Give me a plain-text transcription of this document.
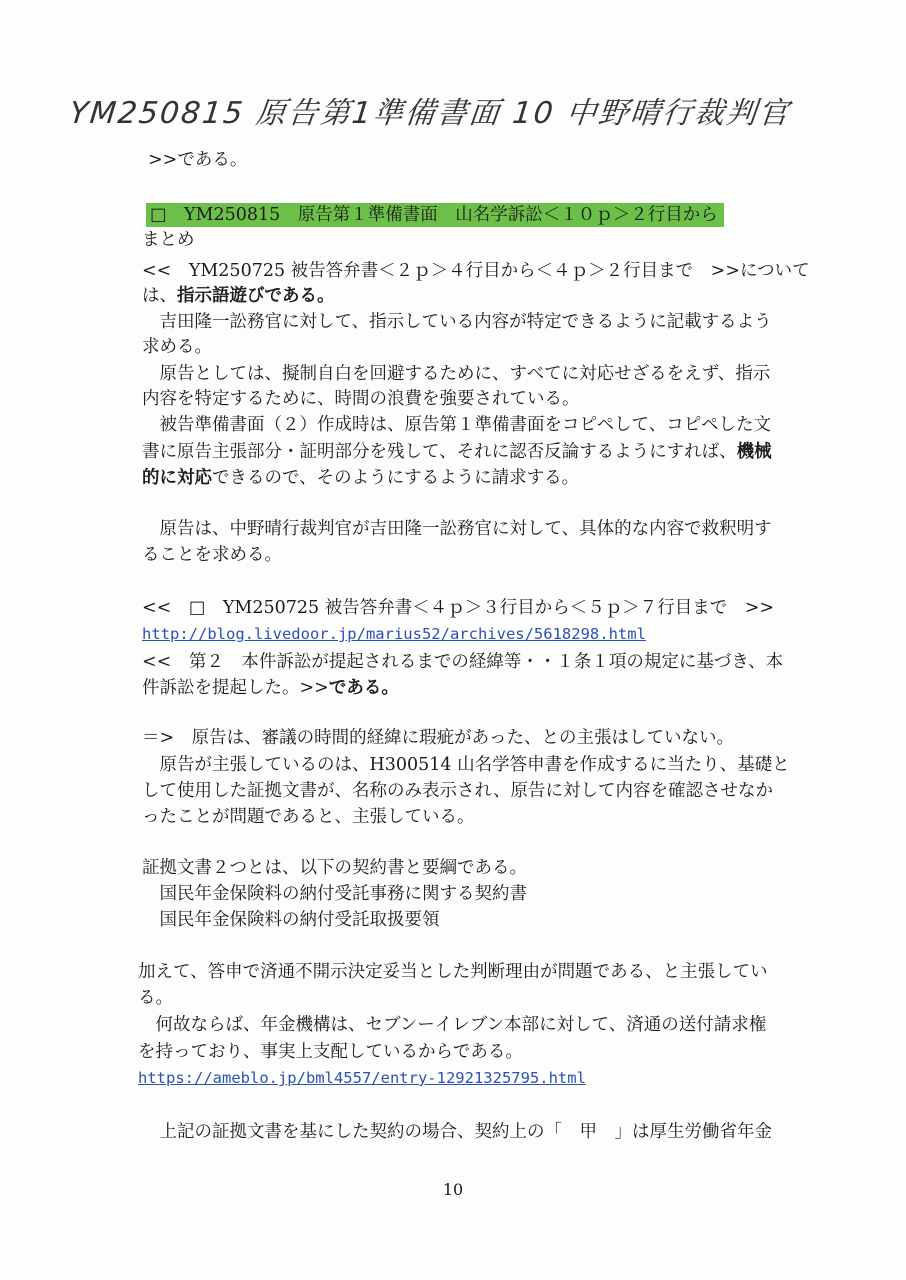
YM250815 原告第1準備書面 10 中野晴行裁判官
>>である。
□　YM250815　原告第１準備書面　山名学訴訟＜１０ｐ＞２行目から
まとめ
<<　YM250725 被告答弁書＜２ｐ＞４行目から＜４ｐ＞２行目まで　>>について
は、指示語遊びである。
　吉田隆一訟務官に対して、指示している内容が特定できるように記載するよう
求める。
　原告としては、擬制自白を回避するために、すべてに対応せざるをえず、指示
内容を特定するために、時間の浪費を強要されている。
　被告準備書面（２）作成時は、原告第１準備書面をコピペして、コピペした文
書に原告主張部分・証明部分を残して、それに認否反論するようにすれば、機械
的に対応できるので、そのようにするように請求する。
　原告は、中野晴行裁判官が吉田隆一訟務官に対して、具体的な内容で救釈明す
ることを求める。
<<　□　YM250725 被告答弁書＜４ｐ＞３行目から＜５ｐ＞７行目まで　>>
http://blog.livedoor.jp/marius52/archives/5618298.html
<<　第２　本件訴訟が提起されるまでの経緯等・・１条１項の規定に基づき、本
件訴訟を提起した。>>である。
＝>　原告は、審議の時間的経緯に瑕疵があった、との主張はしていない。
　原告が主張しているのは、H300514 山名学答申書を作成するに当たり、基礎と
して使用した証拠文書が、名称のみ表示され、原告に対して内容を確認させなか
ったことが問題であると、主張している。
証拠文書２つとは、以下の契約書と要綱である。
　国民年金保険料の納付受託事務に関する契約書
　国民年金保険料の納付受託取扱要領
加えて、答申で済通不開示決定妥当とした判断理由が問題である、と主張してい
る。
　何故ならば、年金機構は、セブンーイレブン本部に対して、済通の送付請求権
を持っており、事実上支配しているからである。
https://ameblo.jp/bml4557/entry-12921325795.html
　上記の証拠文書を基にした契約の場合、契約上の「　甲　」は厚生労働省年金
10
